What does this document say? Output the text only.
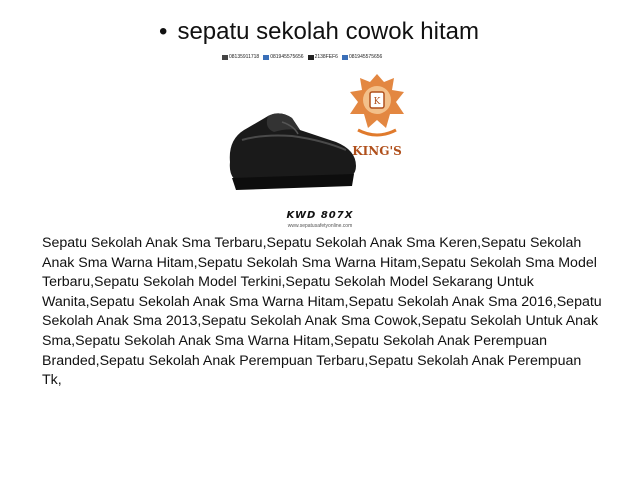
• sepatu sekolah cowok hitam
08135911718 081945575656 2138FEF6 081945575656
K
KING'S
KWD 807X
www.sepatusafetyonline.com

Sepatu Sekolah Anak Sma Terbaru,Sepatu Sekolah Anak Sma Keren,Sepatu Sekolah Anak Sma Warna Hitam,Sepatu Sekolah Sma Warna Hitam,Sepatu Sekolah Sma Model Terbaru,Sepatu Sekolah Model Terkini,Sepatu Sekolah Model Sekarang Untuk Wanita,Sepatu Sekolah Anak Sma Warna Hitam,Sepatu Sekolah Anak Sma 2016,Sepatu Sekolah Anak Sma 2013,Sepatu Sekolah Anak Sma Cowok,Sepatu Sekolah Untuk Anak Sma,Sepatu Sekolah Anak Sma Warna Hitam,Sepatu Sekolah Anak Perempuan Branded,Sepatu Sekolah Anak Perempuan Terbaru,Sepatu Sekolah Anak Perempuan Tk,
